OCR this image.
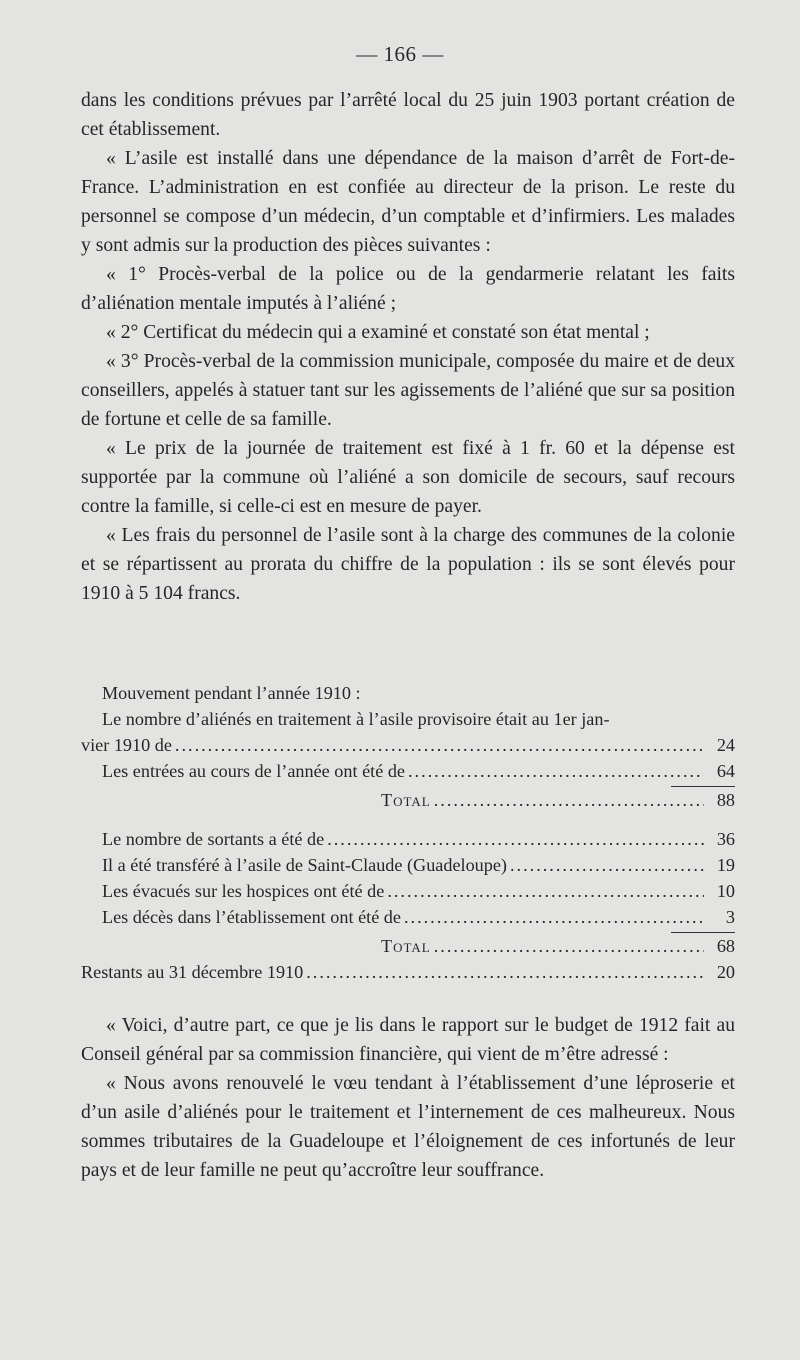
— 166 —

dans les conditions prévues par l’arrêté local du 25 juin 1903 portant création de cet établissement.

« L’asile est installé dans une dépendance de la maison d’arrêt de Fort-de-France. L’administration en est confiée au directeur de la prison. Le reste du personnel se compose d’un médecin, d’un comptable et d’infirmiers. Les malades y sont admis sur la production des pièces suivantes :

« 1° Procès-verbal de la police ou de la gendarmerie relatant les faits d’aliénation mentale imputés à l’aliéné ;

« 2° Certificat du médecin qui a examiné et constaté son état mental ;

« 3° Procès-verbal de la commission municipale, composée du maire et de deux conseillers, appelés à statuer tant sur les agissements de l’aliéné que sur sa position de fortune et celle de sa famille.

« Le prix de la journée de traitement est fixé à 1 fr. 60 et la dépense est supportée par la commune où l’aliéné a son domicile de secours, sauf recours contre la famille, si celle-ci est en mesure de payer.

« Les frais du personnel de l’asile sont à la charge des communes de la colonie et se répartissent au prorata du chiffre de la population : ils se sont élevés pour 1910 à 5 104 francs.

Mouvement pendant l’année 1910 :

Le nombre d’aliénés en traitement à l’asile provisoire était au 1er jan-

vier 1910 de .....	24
Les entrées au cours de l’année ont été de .....	64
Total .....	88
Le nombre de sortants a été de .....	36
Il a été transféré à l’asile de Saint-Claude (Guadeloupe) .....	19
Les évacués sur les hospices ont été de .....	10
Les décès dans l’établissement ont été de .....	3
Total .....	68
Restants au 31 décembre 1910 .....	20

« Voici, d’autre part, ce que je lis dans le rapport sur le budget de 1912 fait au Conseil général par sa commission financière, qui vient de m’être adressé :

« Nous avons renouvelé le vœu tendant à l’établissement d’une léproserie et d’un asile d’aliénés pour le traitement et l’internement de ces malheureux. Nous sommes tributaires de la Guadeloupe et l’éloignement de ces infortunés de leur pays et de leur famille ne peut qu’accroître leur souffrance.
